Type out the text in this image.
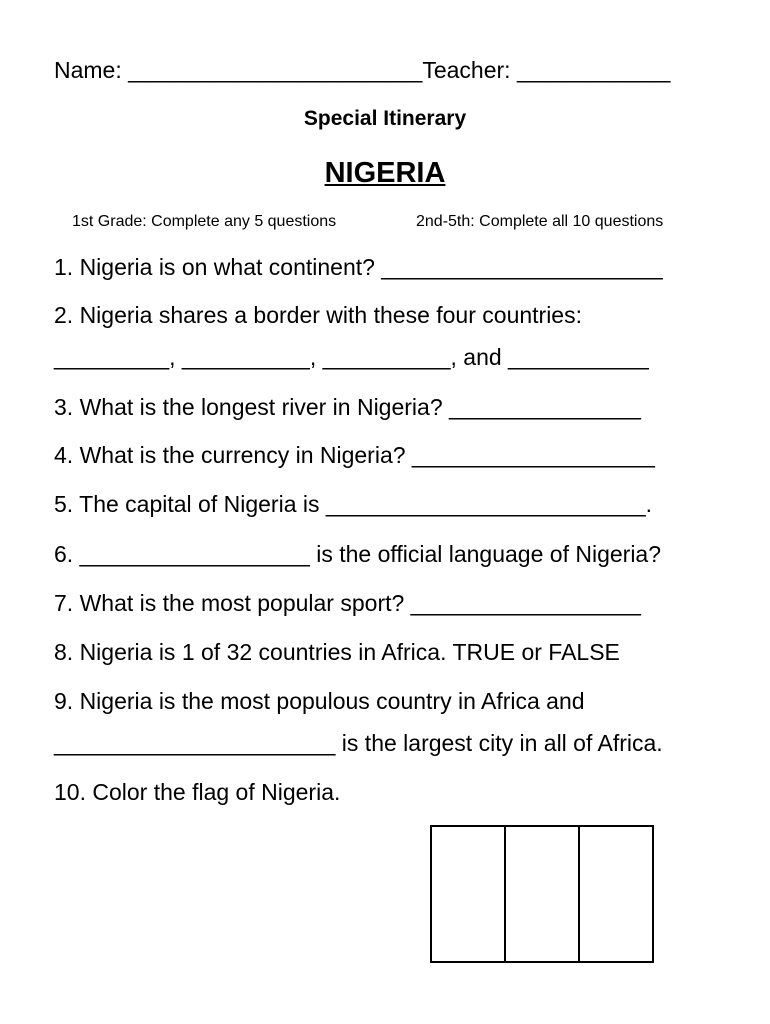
Name: _______________________Teacher: ____________
Special Itinerary
NIGERIA
1st Grade: Complete any 5 questions	2nd-5th: Complete all 10 questions
1. Nigeria is on what continent? ______________________
2. Nigeria shares a border with these four countries:
_________, __________, __________, and ___________
3. What is the longest river in Nigeria? _______________
4. What is the currency in Nigeria? ___________________
5. The capital of Nigeria is _________________________.
6. __________________ is the official language of Nigeria?
7. What is the most popular sport? __________________
8. Nigeria is 1 of 32 countries in Africa. TRUE or FALSE
9. Nigeria is the most populous country in Africa and
______________________ is the largest city in all of Africa.
10. Color the flag of Nigeria.
